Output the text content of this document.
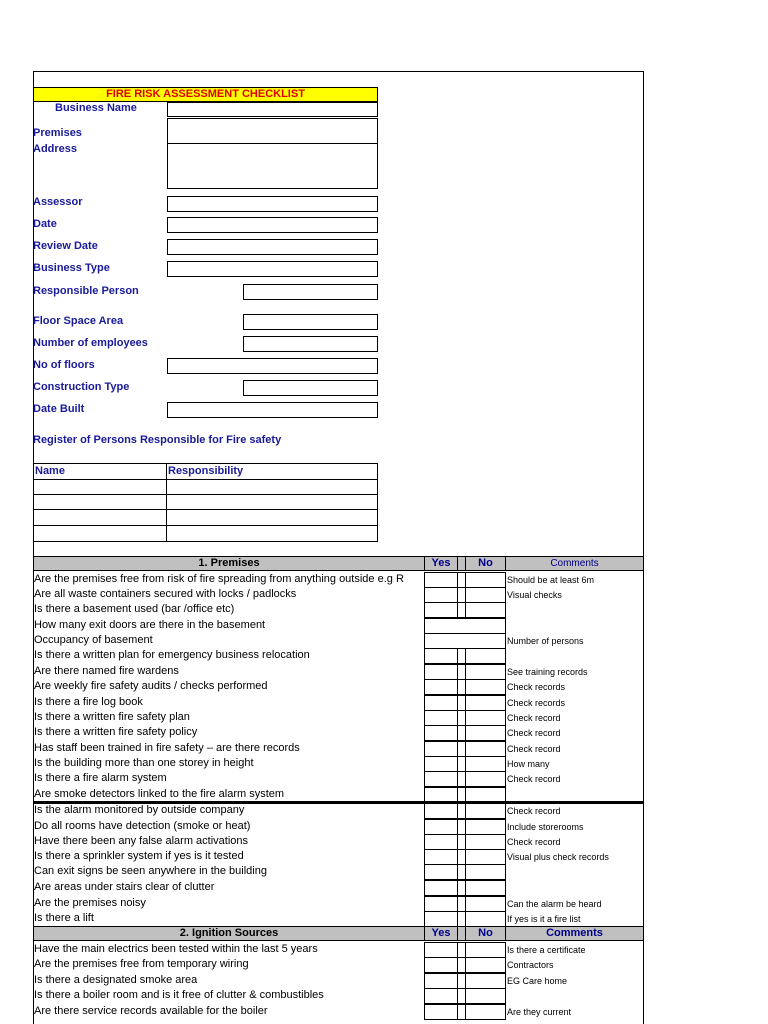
FIRE RISK ASSESSMENT CHECKLIST
Business Name
Premises
Address
Assessor
Date
Review Date
Business Type
Responsible Person
Floor Space Area
Number of employees
No of floors
Construction Type
Date Built
Register of Persons Responsible for Fire safety
Name	Responsibility
1. Premises	Yes	No	Comments
Are the premises free from risk of fire spreading from anything outside e.g R	Should be at least 6m
Are all waste containers secured with locks / padlocks	Visual checks
Is there a basement used (bar /office etc)
How many exit doors are there in the basement
Occupancy of basement	Number of persons
Is there a written plan for emergency business relocation
Are there named fire wardens	See training records
Are weekly fire safety audits / checks performed	Check records
Is there a fire log book	Check records
Is there a written fire safety plan	Check record
Is there a written fire safety policy	Check record
Has staff been trained in fire safety – are there records	Check record
Is the building more than one storey in height	How many
Is there a fire alarm system	Check record
Are smoke detectors linked to the fire alarm system
Is the alarm monitored by outside company	Check record
Do all rooms have detection (smoke or heat)	Include storerooms
Have there been any false alarm activations	Check record
Is there a sprinkler system if yes is it tested	Visual plus check records
Can exit signs be seen anywhere in the building
Are areas under stairs clear of clutter
Are the premises noisy	Can the alarm be heard
Is there a lift	If yes is it a fire list
2. Ignition Sources	Yes	No	Comments
Have the main electrics been tested within the last 5 years	Is there a certificate
Are the premises free from temporary wiring	Contractors
Is there a designated smoke area	EG Care home
Is there a boiler room and is it free of clutter & combustibles
Are there service records available for the boiler	Are they current
